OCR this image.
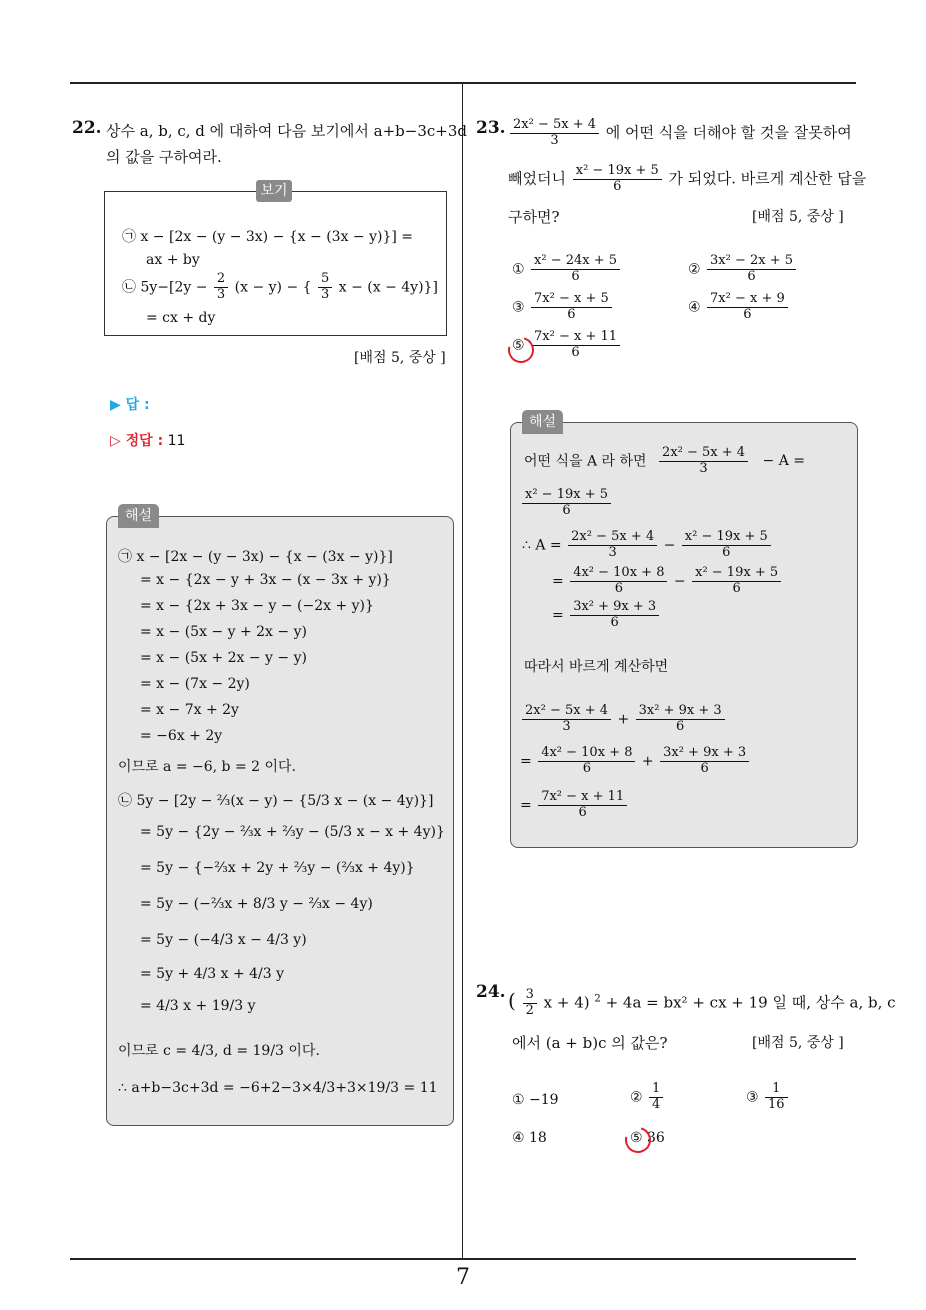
7
22. 상수 a, b, c, d 에 대하여 다음 보기에서 a+b−3c+3d
의 값을 구하여라.
보기
㉠ x − [2x − (y − 3x) − {x − (3x − y)}] =
ax + by
㉡ $5y-[2y - \frac{2}{3} (x - y)$ − { $\frac{5}{3}$ x − (x − 4y)}]
= cx + dy
[배점 5, 중상 ]
▶ 답 :
▷ 정답 : 11
해설
㉠ x − [2x − (y − 3x) − {x − (3x − y)}]
= x − {2x − y + 3x − (x − 3x + y)}
= x − {2x + 3x − y − (−2x + y)}
= x − (5x − y + 2x − y)
= x − (5x + 2x − y − y)
= x − (7x − 2y)
= x − 7x + 2y
= −6x + 2y
이므로 a = −6, b = 2 이다.
㉡ 5y − [2y − ⅔(x − y) − {5/3 x − (x − 4y)}]
= 5y − {2y − ⅔x + ⅔y − (5/3 x − x + 4y)}
= 5y − {−⅔x + 2y + ⅔y − (⅔x + 4y)}
= 5y − (−⅔x + 8/3 y − ⅔x − 4y)
= 5y − (−4/3 x − 4/3 y)
= 5y + 4/3 x + 4/3 y
= 4/3 x + 19/3 y
이므로 c = 4/3, d = 19/3 이다.
∴ a+b−3c+3d = −6+2−3×4/3+3×19/3 = 11
23. $\frac{\text{2x² − 5x + 4}}{3}$ 에 어떤 식을 더해야 할 것을 잘못하여
빼었더니 $\frac{\text{x² − 19x + 5}}{6}$ 가 되었다. 바르게 계산한 답을
구하면?	[배점 5, 중상 ]
① $\frac{\text{x² − 24x + 5}}{6}$	② $\frac{\text{3x² − 2x + 5}}{6}$
③ $\frac{\text{7x² − x + 5}}{6}$	④ $\frac{\text{7x² − x + 9}}{6}$
⑤ $\frac{\text{7x² − x + 11}}{6}$
해설
어떤 식을 A 라 하면 $\frac{\text{2x² − 5x + 4}}{3} - A$ =
$\frac{\text{x² − 19x + 5}}{6}$
∴ $A = \frac{\text{2x² − 5x + 4}}{3} - \frac{\text{x² − 19x + 5}}{6}$
= $\frac{\text{4x² − 10x + 8}}{6} - \frac{\text{x² − 19x + 5}}{6}$
= $\frac{\text{3x² + 9x + 3}}{6}$
따라서 바르게 계산하면
$\frac{\text{2x² − 5x + 4}}{3} + \frac{\text{3x² + 9x + 3}}{6}$
= $\frac{\text{4x² − 10x + 8}}{6} + \frac{\text{3x² + 9x + 3}}{6}$
= $\frac{\text{7x² − x + 11}}{6}$
24. ( $\frac{3}{2}$ x + 4) $^2$ + 4a = bx² + cx + 19 일 때, 상수 a, b, c
에서 (a + b)c 의 값은?	[배점 5, 중상 ]
① −19	② $\frac{1}{4}$	③ $\frac{1}{16}$
④ 18	⑤ 36
